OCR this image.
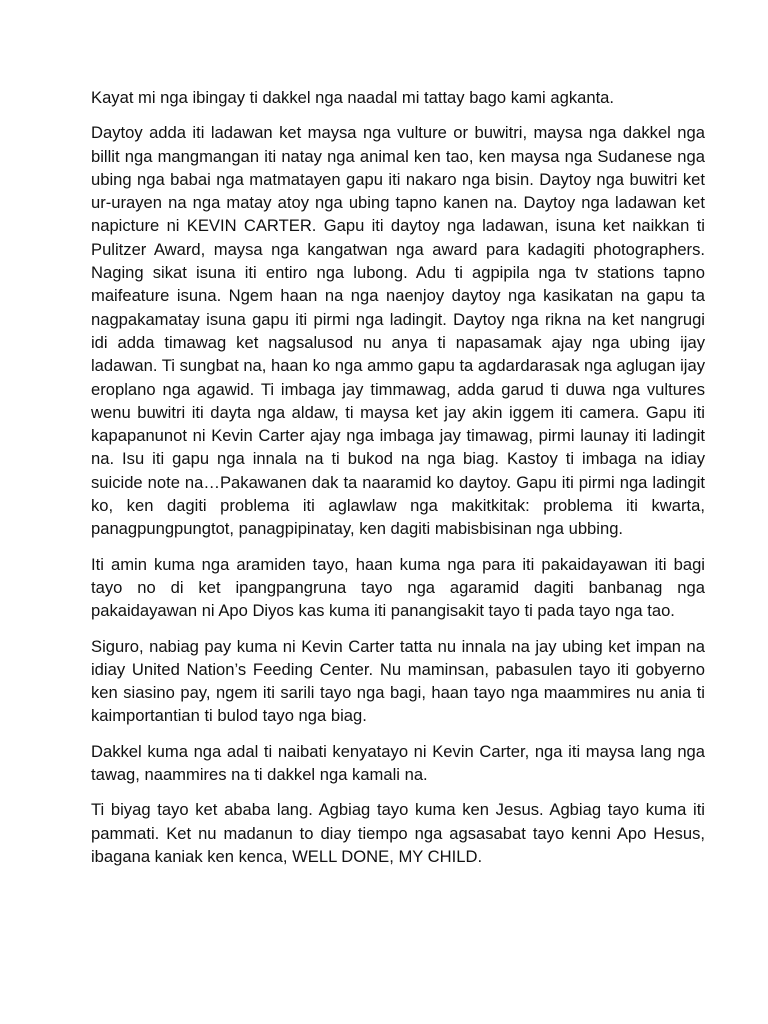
Kayat mi nga ibingay ti dakkel nga naadal mi tattay bago kami agkanta.

Daytoy adda iti ladawan ket maysa nga vulture or buwitri, maysa nga dakkel nga billit nga mangmangan iti natay nga animal ken tao, ken maysa nga Sudanese nga ubing nga babai nga matmatayen gapu iti nakaro nga bisin. Daytoy nga buwitri ket ur-urayen na nga matay atoy nga ubing tapno kanen na. Daytoy nga ladawan ket napicture ni KEVIN CARTER. Gapu iti daytoy nga ladawan, isuna ket naikkan ti Pulitzer Award, maysa nga kangatwan nga award para kadagiti photographers. Naging sikat isuna iti entiro nga lubong. Adu ti agpipila nga tv stations tapno maifeature isuna. Ngem haan na nga naenjoy daytoy nga kasikatan na gapu ta nagpakamatay isuna gapu iti pirmi nga ladingit. Daytoy nga rikna na ket nangrugi idi adda timawag ket nagsalusod nu anya ti napasamak ajay nga ubing ijay ladawan. Ti sungbat na, haan ko nga ammo gapu ta agdardarasak nga aglugan ijay eroplano nga agawid. Ti imbaga jay timmawag, adda garud ti duwa nga vultures wenu buwitri iti dayta nga aldaw, ti maysa ket jay akin iggem iti camera. Gapu iti kapapanunot ni Kevin Carter ajay nga imbaga jay timawag, pirmi launay iti ladingit na. Isu iti gapu nga innala na ti bukod na nga biag. Kastoy ti imbaga na idiay suicide note na…Pakawanen dak ta naaramid ko daytoy. Gapu iti pirmi nga ladingit ko, ken dagiti problema iti aglawlaw nga makitkitak: problema iti kwarta, panagpungpungtot, panagpipinatay, ken dagiti mabisbisinan nga ubbing.

Iti amin kuma nga aramiden tayo, haan kuma nga para iti pakaidayawan iti bagi tayo no di ket ipangpangruna tayo nga agaramid dagiti banbanag nga pakaidayawan ni Apo Diyos kas kuma iti panangisakit tayo ti pada tayo nga tao.

Siguro, nabiag pay kuma ni Kevin Carter tatta nu innala na jay ubing ket impan na idiay United Nation’s Feeding Center. Nu maminsan, pabasulen tayo iti gobyerno ken siasino pay, ngem iti sarili tayo nga bagi, haan tayo nga maammires nu ania ti kaimportantian ti bulod tayo nga biag.

Dakkel kuma nga adal ti naibati kenyatayo ni Kevin Carter, nga iti maysa lang nga tawag, naammires na ti dakkel nga kamali na.

Ti biyag tayo ket ababa lang. Agbiag tayo kuma ken Jesus. Agbiag tayo kuma iti pammati. Ket nu madanun to diay tiempo nga agsasabat tayo kenni Apo Hesus, ibagana kaniak ken kenca, WELL DONE, MY CHILD.
